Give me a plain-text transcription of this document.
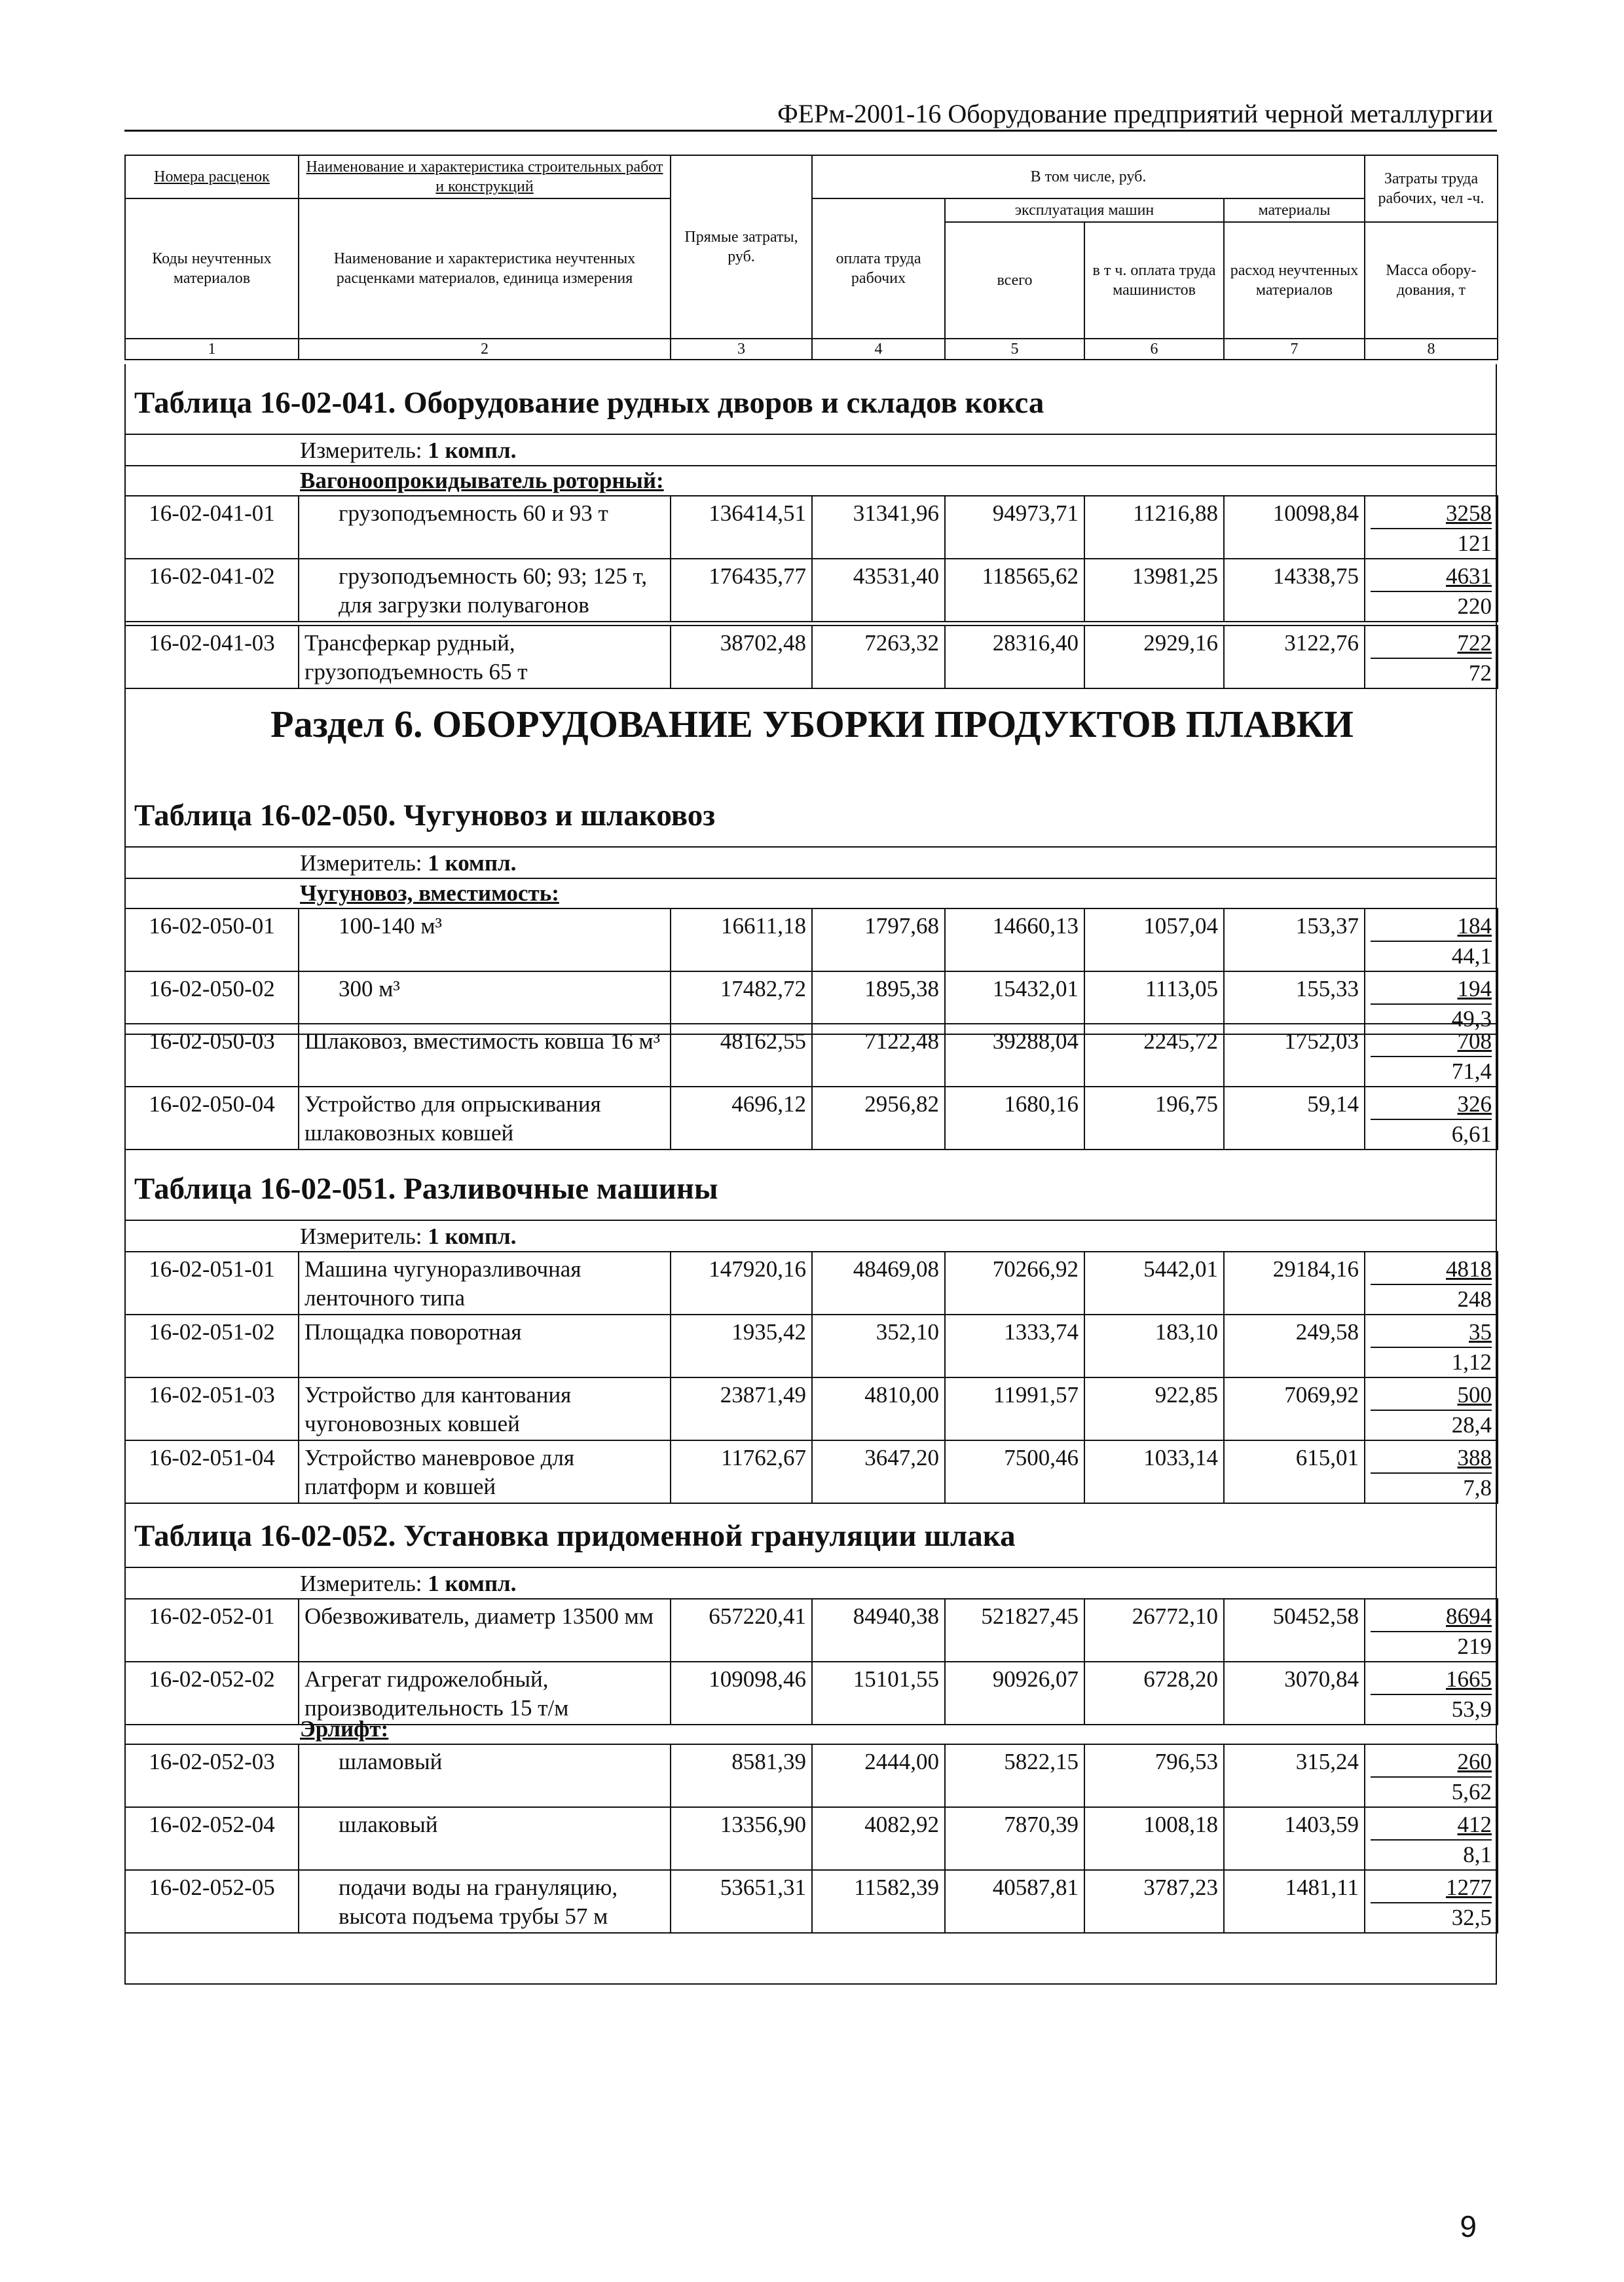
ФЕРм-2001-16 Оборудование предприятий черной металлургии
Номера расценок	Наименование и характеристика строительных работ и конструкций	Прямые затраты, руб.	В том числе, руб.				Затраты труда рабочих, чел -ч.
Коды неучтенных материалов	Наименование и характеристика неучтенных расценками материалов, единица измерения		оплата труда рабочих	эксплуатация машин		материалы	
				всего	в т ч. оплата труда машинистов	расход неучтенных материалов	Масса обору-дования, т
1	2	3	4	5	6	7	8
Таблица 16-02-041. Оборудование рудных дворов и складов кокса
Измеритель: 1 компл.
Вагоноопрокидыватель роторный:
16-02-041-01	грузоподъемность 60 и 93 т	136414,51	31341,96	94973,71	11216,88	10098,84	3258
121

16-02-041-02	грузоподъемность 60; 93; 125 т, для загрузки полувагонов	176435,77	43531,40	118565,62	13981,25	14338,75	4631
220
16-02-041-03	Трансферкар рудный, грузоподъемность 65 т	38702,48	7263,32	28316,40	2929,16	3122,76	722
72
Раздел 6. ОБОРУДОВАНИЕ УБОРКИ ПРОДУКТОВ ПЛАВКИ
Таблица 16-02-050. Чугуновоз и шлаковоз
Измеритель: 1 компл.
Чугуновоз, вместимость:
16-02-050-01	100-140 м³	16611,18	1797,68	14660,13	1057,04	153,37	184
44,1

16-02-050-02	300 м³	17482,72	1895,38	15432,01	1113,05	155,33	194
49,3
16-02-050-03	Шлаковоз, вместимость ковша 16 м³	48162,55	7122,48	39288,04	2245,72	1752,03	708
71,4

16-02-050-04	Устройство для опрыскивания шлаковозных ковшей	4696,12	2956,82	1680,16	196,75	59,14	326
6,61
Таблица 16-02-051. Разливочные машины
Измеритель: 1 компл.
16-02-051-01	Машина чугуноразливочная ленточного типа	147920,16	48469,08	70266,92	5442,01	29184,16	4818
248

16-02-051-02	Площадка поворотная	1935,42	352,10	1333,74	183,10	249,58	35
1,12

16-02-051-03	Устройство для кантования чугоновозных ковшей	23871,49	4810,00	11991,57	922,85	7069,92	500
28,4

16-02-051-04	Устройство маневровое для платформ и ковшей	11762,67	3647,20	7500,46	1033,14	615,01	388
7,8
Таблица 16-02-052. Установка придоменной грануляции шлака
Измеритель: 1 компл.
16-02-052-01	Обезвоживатель, диаметр 13500 мм	657220,41	84940,38	521827,45	26772,10	50452,58	8694
219

16-02-052-02	Агрегат гидрожелобный, производительность 15 т/м	109098,46	15101,55	90926,07	6728,20	3070,84	1665
53,9
Эрлифт:
16-02-052-03	шламовый	8581,39	2444,00	5822,15	796,53	315,24	260
5,62

16-02-052-04	шлаковый	13356,90	4082,92	7870,39	1008,18	1403,59	412
8,1

16-02-052-05	подачи воды на грануляцию, высота подъема трубы 57 м	53651,31	11582,39	40587,81	3787,23	1481,11	1277
32,5
9
